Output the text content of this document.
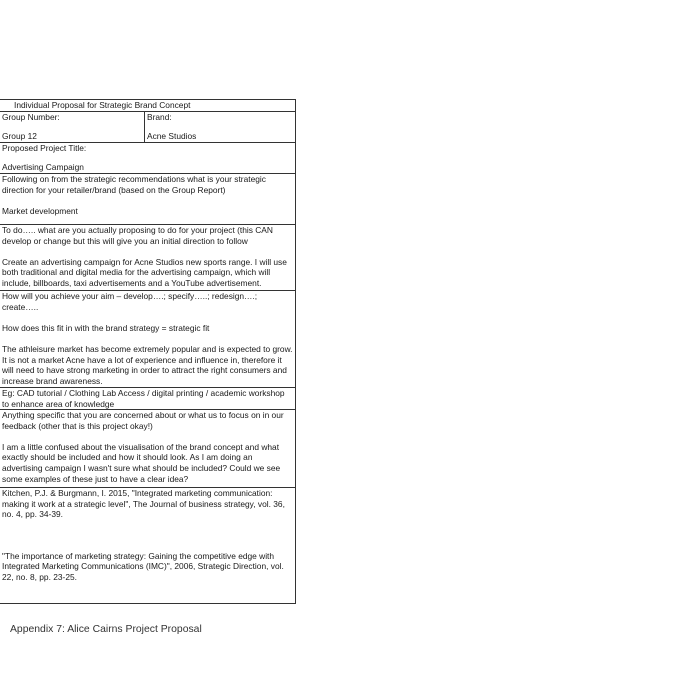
Individual Proposal for Strategic Brand Concept

Group Number:

Group 12

Brand:

Acne Studios

Proposed Project Title:

Advertising Campaign

Following on from the strategic recommendations what is your strategic direction for your retailer/brand (based on the Group Report)

Market development

To do….. what are you actually proposing to do for your project (this CAN develop or change but this will give you an initial direction to follow

Create an advertising campaign for Acne Studios new sports range. I will use both traditional and digital media for the advertising campaign, which will include, billboards, taxi advertisements and a YouTube advertisement.

How will you achieve your aim – develop….; specify…..; redesign….; create…..

How does this fit in with the brand strategy = strategic fit

The athleisure market has become extremely popular and is expected to grow. It is not a market Acne have a lot of experience and influence in, therefore it will need to have strong marketing in order to attract the right consumers and increase brand awareness.

Eg: CAD tutorial / Clothing Lab Access / digital printing / academic workshop to enhance area of knowledge

Anything specific that you are concerned about or what us to focus on in our feedback (other that is this project okay!)

I am a little confused about the visualisation of the brand concept and what exactly should be included and how it should look. As I am doing an advertising campaign I wasn't sure what should be included? Could we see some examples of these just to have a clear idea?

Kitchen, P.J. & Burgmann, I. 2015, "Integrated marketing communication: making it work at a strategic level", The Journal of business strategy, vol. 36, no. 4, pp. 34-39.

"The importance of marketing strategy: Gaining the competitive edge with Integrated Marketing Communications (IMC)", 2006, Strategic Direction, vol. 22, no. 8, pp. 23-25.

Appendix 7: Alice Cairns Project Proposal
